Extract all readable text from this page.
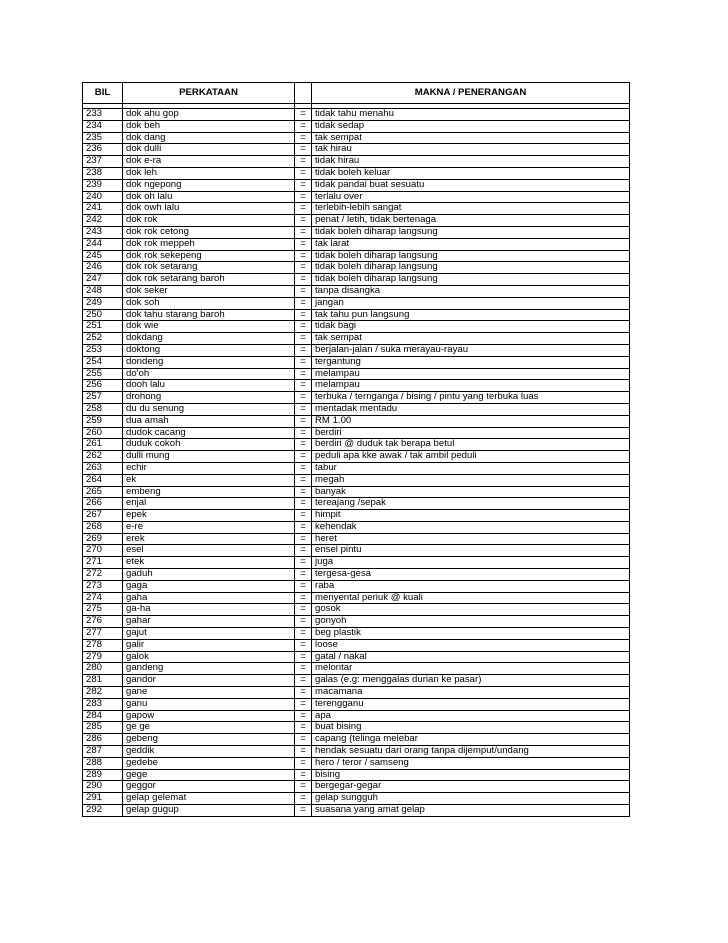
BIL	PERKATAAN		MAKNA / PENERANGAN

233	dok ahu gop	=	tidak tahu menahu
234	dok beh	=	tidak sedap
235	dok dang	=	tak sempat
236	dok dulli	=	tak hirau
237	dok e-ra	=	tidak hirau
238	dok leh	=	tidak boleh keluar
239	dok ngepong	=	tidak pandai buat sesuatu
240	dok oh lalu	=	terlalu over
241	dok owh lalu	=	terlebih-lebih sangat
242	dok rok	=	penat / letih, tidak bertenaga
243	dok rok cetong	=	tidak boleh diharap langsung
244	dok rok meppeh	=	tak larat
245	dok rok sekepeng	=	tidak boleh diharap langsung
246	dok rok setarang	=	tidak boleh diharap langsung
247	dok rok setarang baroh	=	tidak boleh diharap langsung
248	dok seker	=	tanpa disangka
249	dok soh	=	jangan
250	dok tahu starang baroh	=	tak tahu pun langsung
251	dok wie	=	tidak bagi
252	dokdang	=	tak sempat
253	doktong	=	berjalan-jalan / suka merayau-rayau
254	dondeng	=	tergantung
255	do'oh	=	melampau
256	dooh lalu	=	melampau
257	drohong	=	terbuka / ternganga / bising / pintu yang terbuka luas
258	du du senung	=	mentadak mentadu
259	dua amah	=	RM 1.00
260	dudok cacang	=	berdiri
261	duduk cokoh	=	berdiri @ duduk tak berapa betul
262	dulli mung	=	peduli apa kke awak / tak ambil peduli
263	echir	=	tabur
264	ek	=	megah
265	embeng	=	banyak
266	enjal	=	tereajang /sepak
267	epek	=	himpit
268	e-re	=	kehendak
269	erek	=	heret
270	esel	=	ensel pintu
271	etek	=	juga
272	gaduh	=	tergesa-gesa
273	gaga	=	raba
274	gaha	=	menyental periuk @ kuali
275	ga-ha	=	gosok
276	gahar	=	gonyoh
277	gajut	=	beg plastik
278	galir	=	loose
279	galok	=	gatal / nakal
280	gandeng	=	melontar
281	gandor	=	galas (e.g: menggalas durian ke pasar)
282	gane	=	macamana
283	ganu	=	terengganu
284	gapow	=	apa
285	ge ge	=	buat bising
286	gebeng	=	capang (telinga melebar
287	geddik	=	hendak sesuatu dari orang tanpa dijemput/undang
288	gedebe	=	hero / teror / samseng
289	gege	=	bising
290	geggor	=	bergegar-gegar
291	gelap gelemat	=	gelap sungguh
292	gelap gugup	=	suasana yang amat gelap
